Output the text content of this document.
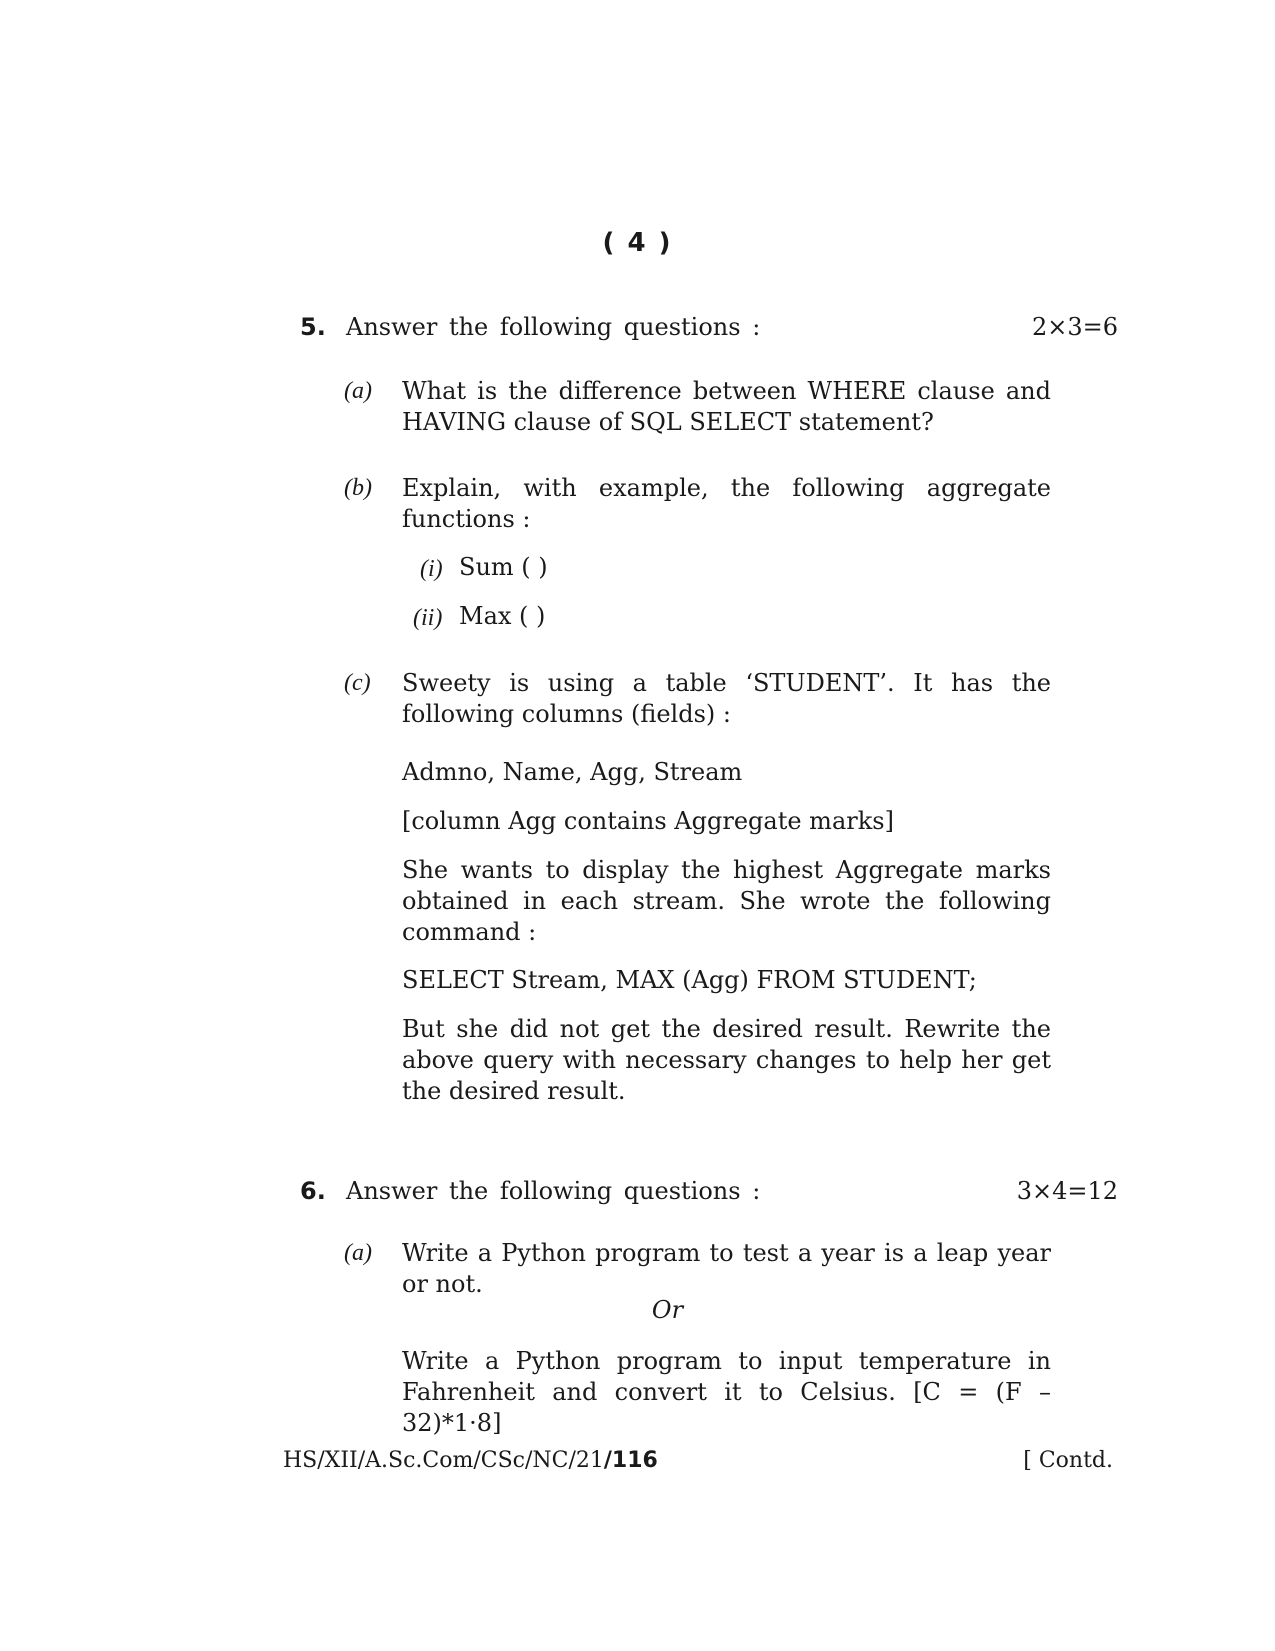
( 4 )
5. Answer the following questions :	2×3=6
(a) What is the difference between WHERE clause and HAVING clause of SQL SELECT statement?
(b) Explain, with example, the following aggregate functions :
(i) Sum ( )
(ii) Max ( )
(c) Sweety is using a table ‘STUDENT’. It has the following columns (fields) :
Admno, Name, Agg, Stream
[column Agg contains Aggregate marks]
She wants to display the highest Aggregate marks obtained in each stream. She wrote the following command :
SELECT Stream, MAX (Agg) FROM STUDENT;
But she did not get the desired result. Rewrite the above query with necessary changes to help her get the desired result.
6. Answer the following questions :	3×4=12
(a) Write a Python program to test a year is a leap year or not.
Or
Write a Python program to input temperature in Fahrenheit and convert it to Celsius. [C = (F – 32)*1·8]
HS/XII/A.Sc.Com/CSc/NC/21/116	[ Contd.
